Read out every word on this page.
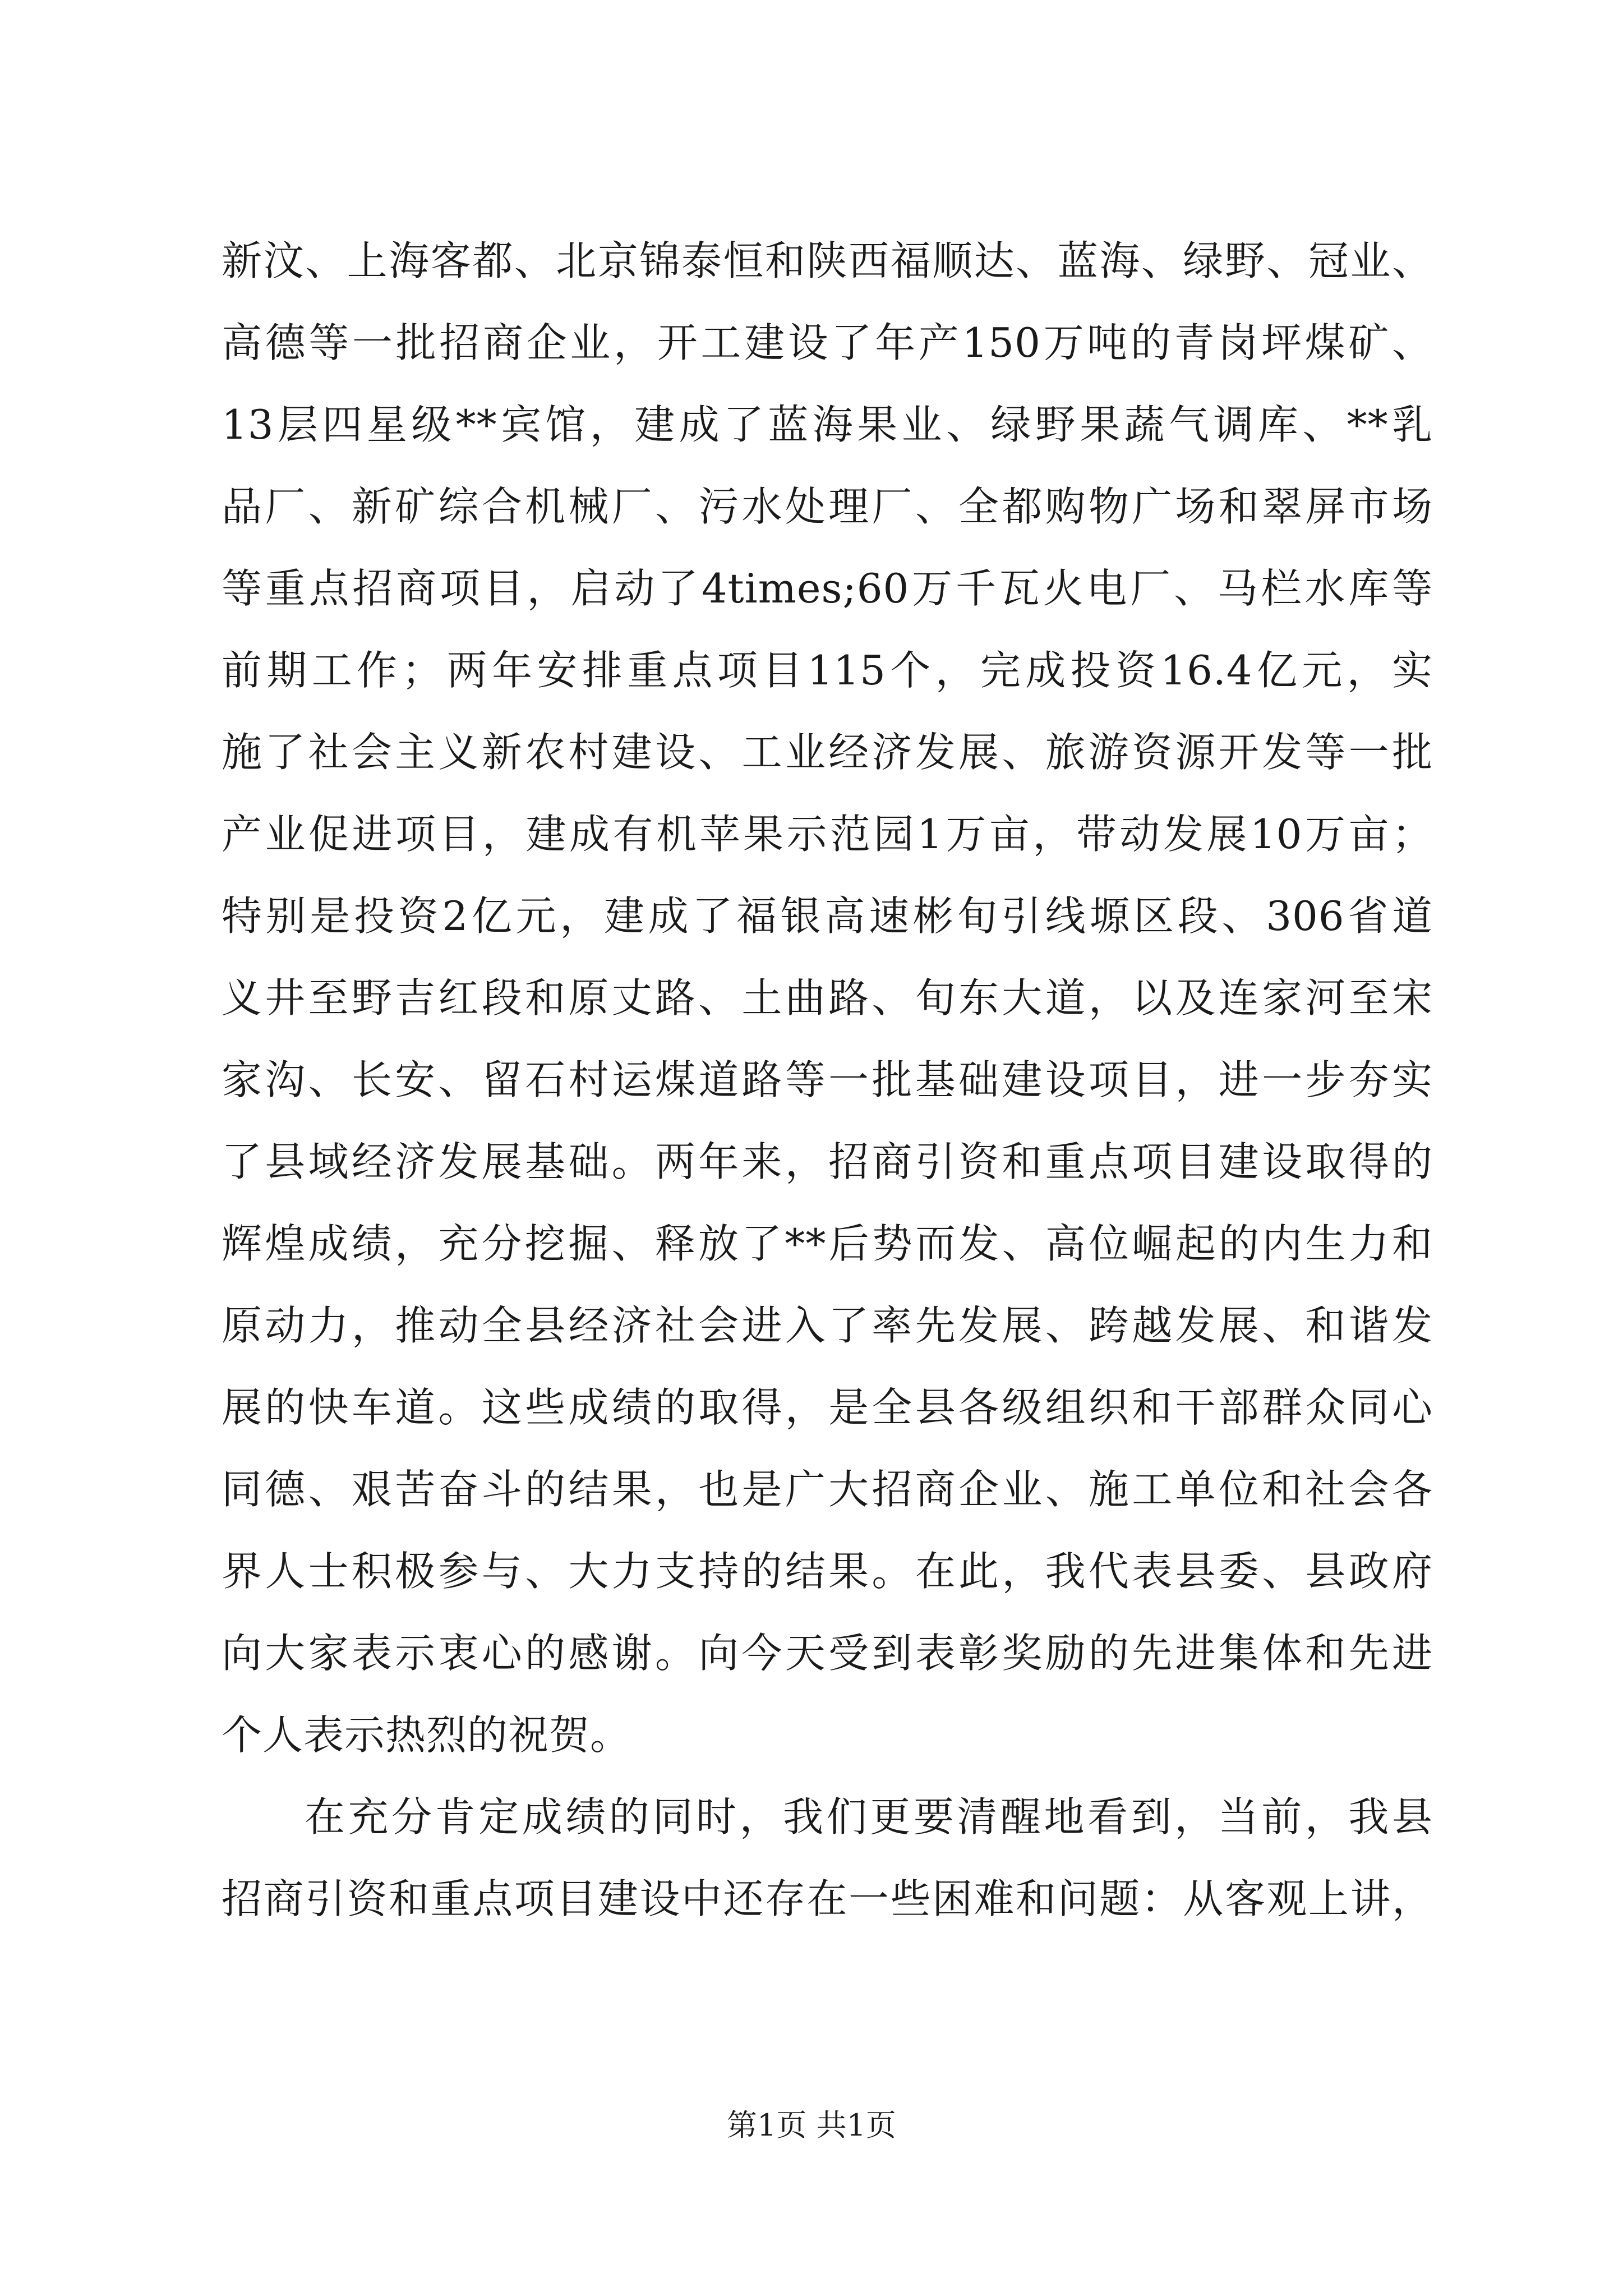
新汶、上海客都、北京锦泰恒和陕西福顺达、蓝海、绿野、冠业、
高德等一批招商企业，开工建设了年产150万吨的青岗坪煤矿、
13层四星级**宾馆，建成了蓝海果业、绿野果蔬气调库、**乳
品厂、新矿综合机械厂、污水处理厂、全都购物广场和翠屏市场
等重点招商项目，启动了4times;60万千瓦火电厂、马栏水库等
前期工作；两年安排重点项目115个，完成投资16.4亿元，实
施了社会主义新农村建设、工业经济发展、旅游资源开发等一批
产业促进项目，建成有机苹果示范园1万亩，带动发展10万亩；
特别是投资2亿元，建成了福银高速彬旬引线塬区段、306省道
义井至野吉红段和原丈路、土曲路、旬东大道，以及连家河至宋
家沟、长安、留石村运煤道路等一批基础建设项目，进一步夯实
了县域经济发展基础。两年来，招商引资和重点项目建设取得的
辉煌成绩，充分挖掘、释放了**后势而发、高位崛起的内生力和
原动力，推动全县经济社会进入了率先发展、跨越发展、和谐发
展的快车道。这些成绩的取得，是全县各级组织和干部群众同心
同德、艰苦奋斗的结果，也是广大招商企业、施工单位和社会各
界人士积极参与、大力支持的结果。在此，我代表县委、县政府
向大家表示衷心的感谢。向今天受到表彰奖励的先进集体和先进
个人表示热烈的祝贺。
在充分肯定成绩的同时，我们更要清醒地看到，当前，我县
招商引资和重点项目建设中还存在一些困难和问题：从客观上讲，
第1页 共1页
